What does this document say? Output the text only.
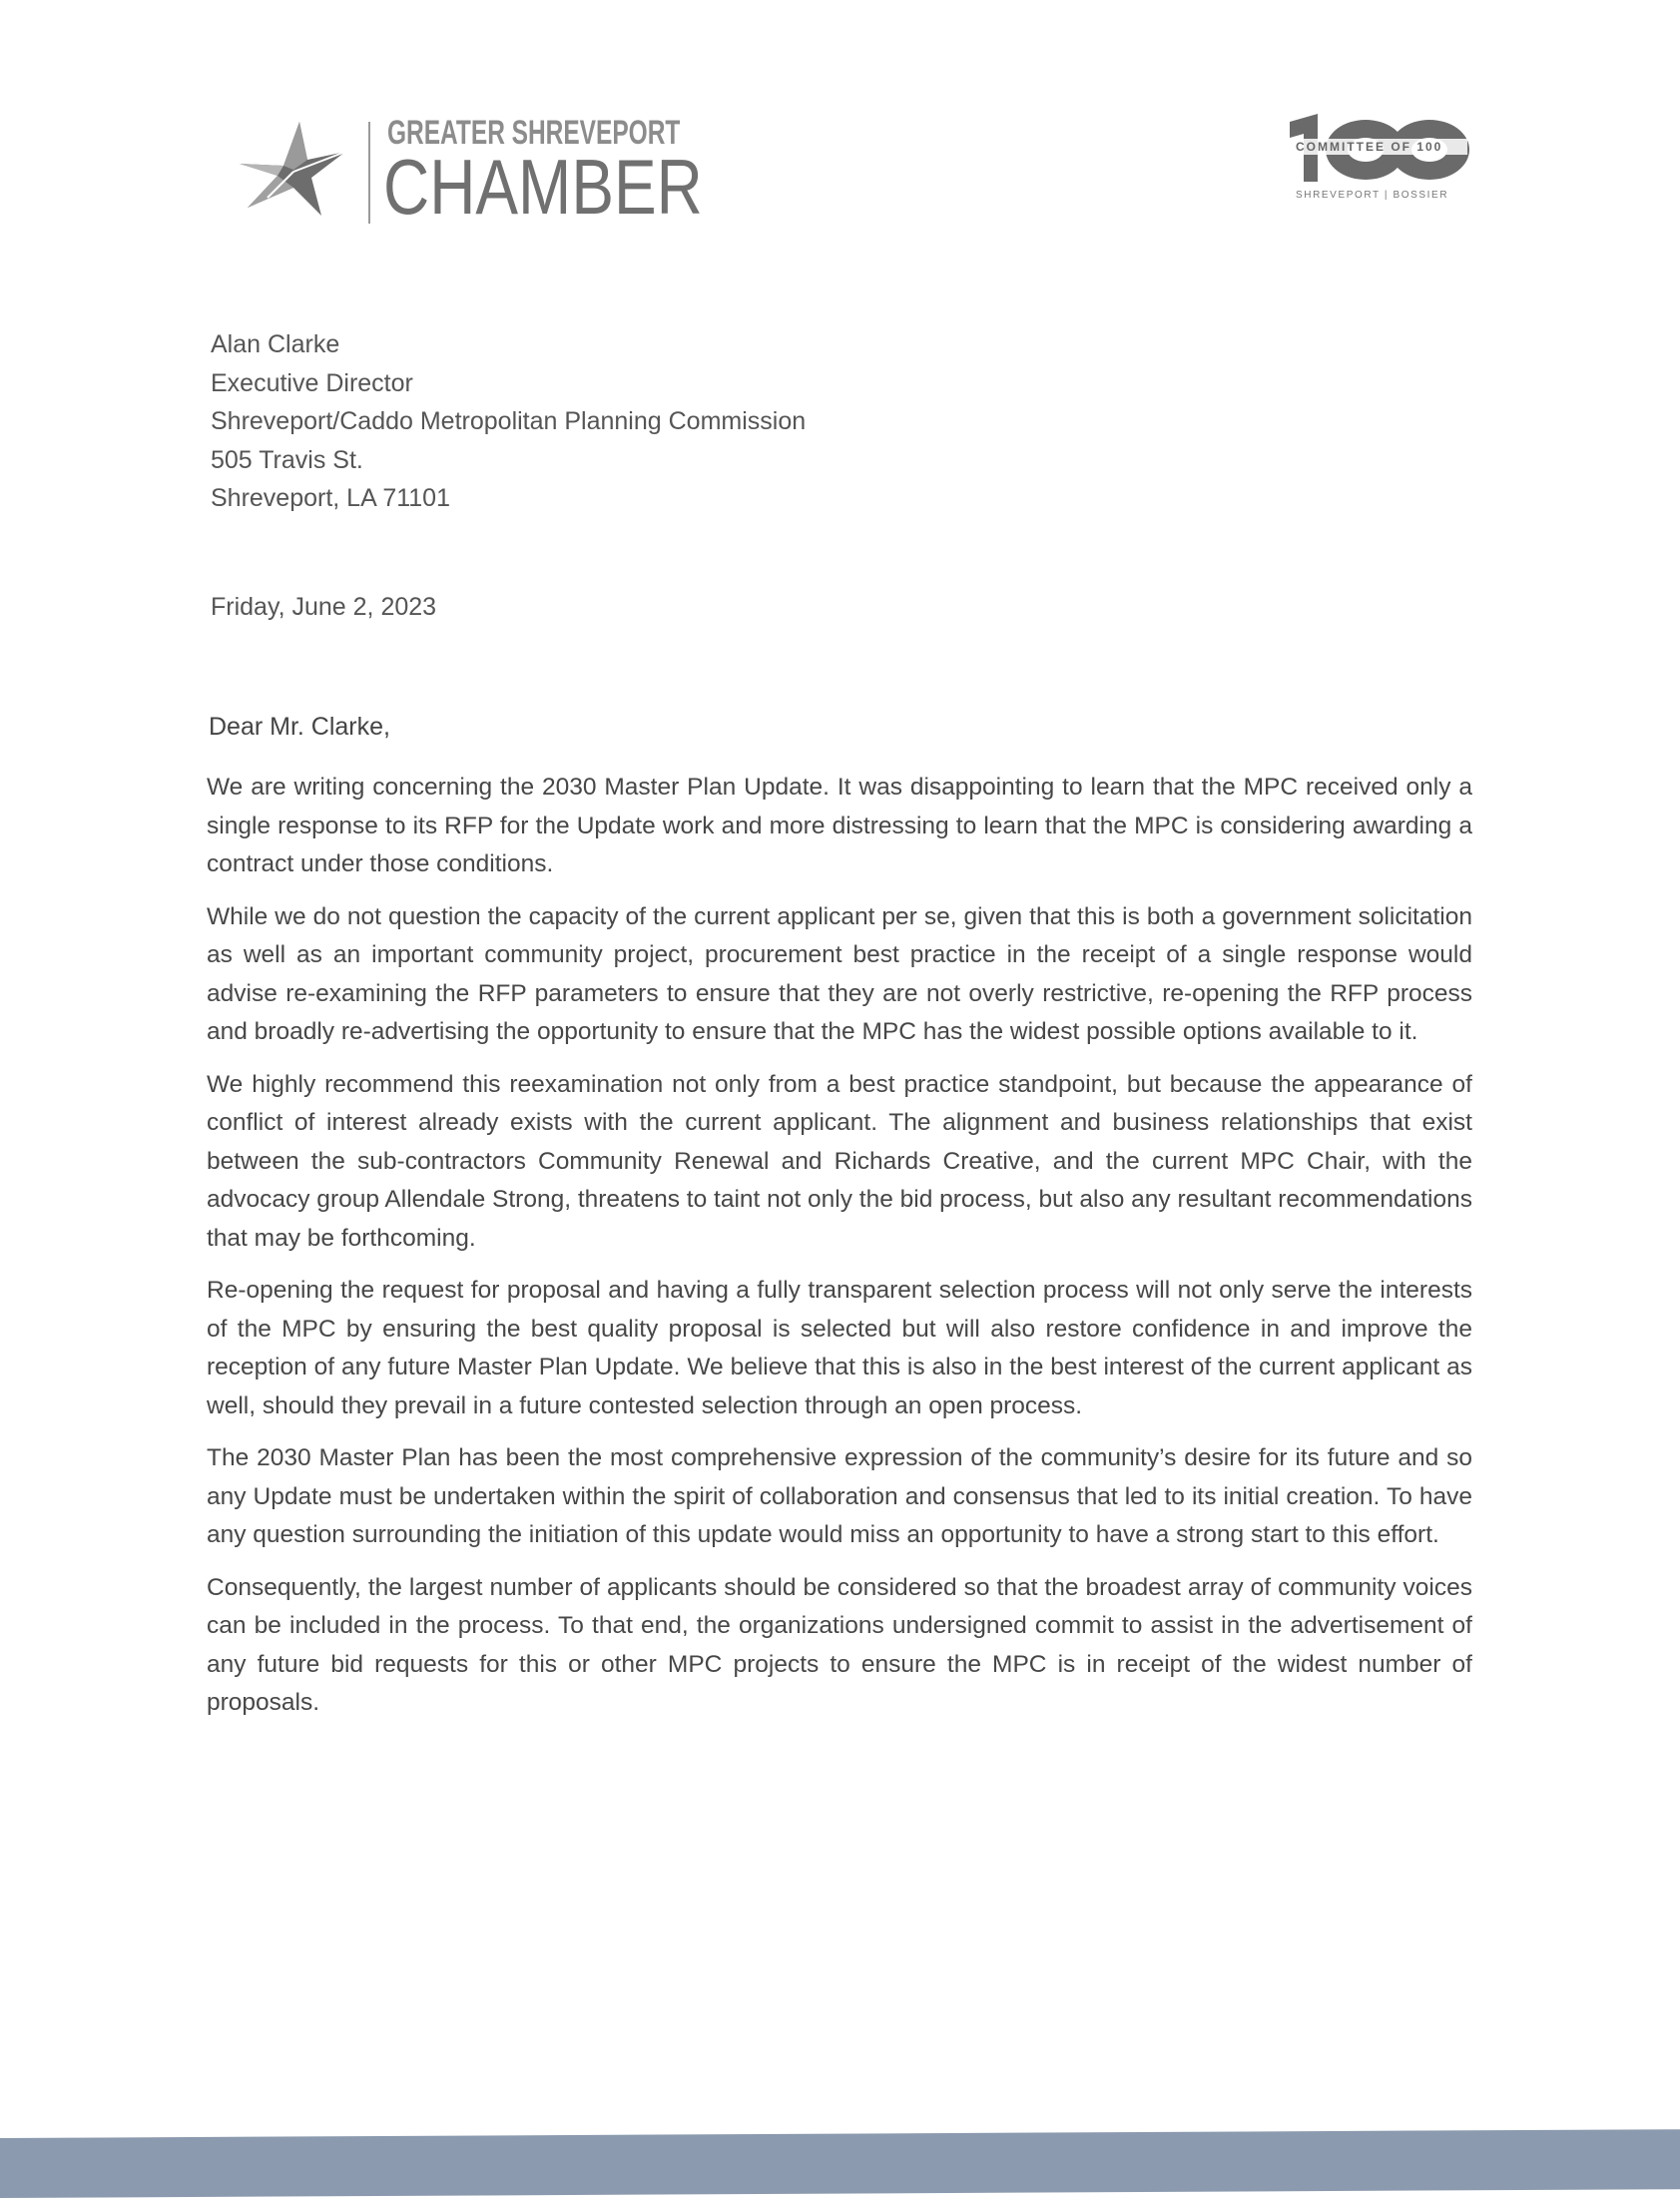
GREATER SHREVEPORT
CHAMBER	COMMITTEE OF 100
SHREVEPORT | BOSSIER
Alan Clarke
Executive Director
Shreveport/Caddo Metropolitan Planning Commission
505 Travis St.
Shreveport, LA 71101
Friday, June 2, 2023
Dear Mr. Clarke,

We are writing concerning the 2030 Master Plan Update. It was disappointing to learn that the MPC received only a single response to its RFP for the Update work and more distressing to learn that the MPC is considering awarding a contract under those conditions.

While we do not question the capacity of the current applicant per se, given that this is both a government solicitation as well as an important community project, procurement best practice in the receipt of a single response would advise re-examining the RFP parameters to ensure that they are not overly restrictive, re-opening the RFP process and broadly re-advertising the opportunity to ensure that the MPC has the widest possible options available to it.

We highly recommend this reexamination not only from a best practice standpoint, but because the appearance of conflict of interest already exists with the current applicant. The alignment and business relationships that exist between the sub-contractors Community Renewal and Richards Creative, and the current MPC Chair, with the advocacy group Allendale Strong, threatens to taint not only the bid process, but also any resultant recommendations that may be forthcoming.

Re-opening the request for proposal and having a fully transparent selection process will not only serve the interests of the MPC by ensuring the best quality proposal is selected but will also restore confidence in and improve the reception of any future Master Plan Update. We believe that this is also in the best interest of the current applicant as well, should they prevail in a future contested selection through an open process.

The 2030 Master Plan has been the most comprehensive expression of the community’s desire for its future and so any Update must be undertaken within the spirit of collaboration and consensus that led to its initial creation. To have any question surrounding the initiation of this update would miss an opportunity to have a strong start to this effort.

Consequently, the largest number of applicants should be considered so that the broadest array of community voices can be included in the process. To that end, the organizations undersigned commit to assist in the advertisement of any future bid requests for this or other MPC projects to ensure the MPC is in receipt of the widest number of proposals.
